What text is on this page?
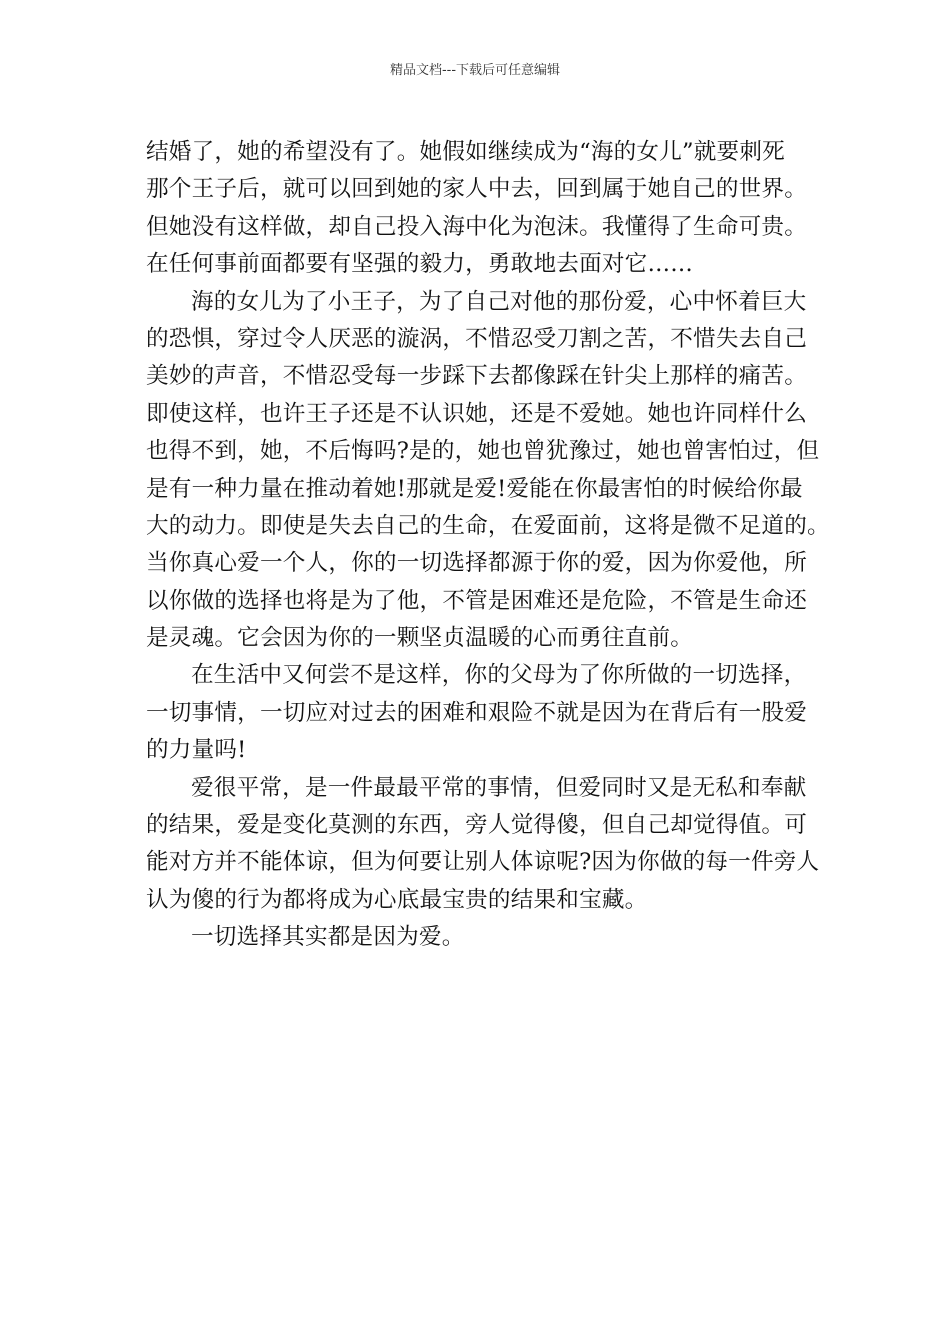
精品文档---下载后可任意编辑
结婚了，她的希望没有了。她假如继续成为“海的女儿”就要刺死
那个王子后，就可以回到她的家人中去，回到属于她自己的世界。
但她没有这样做，却自己投入海中化为泡沫。我懂得了生命可贵。
在任何事前面都要有坚强的毅力，勇敢地去面对它……
海的女儿为了小王子，为了自己对他的那份爱，心中怀着巨大
的恐惧，穿过令人厌恶的漩涡，不惜忍受刀割之苦，不惜失去自己
美妙的声音，不惜忍受每一步踩下去都像踩在针尖上那样的痛苦。
即使这样，也许王子还是不认识她，还是不爱她。她也许同样什么
也得不到，她，不后悔吗?是的，她也曾犹豫过，她也曾害怕过，但
是有一种力量在推动着她!那就是爱!爱能在你最害怕的时候给你最
大的动力。即使是失去自己的生命，在爱面前，这将是微不足道的。
当你真心爱一个人，你的一切选择都源于你的爱，因为你爱他，所
以你做的选择也将是为了他，不管是困难还是危险，不管是生命还
是灵魂。它会因为你的一颗坚贞温暖的心而勇往直前。
在生活中又何尝不是这样，你的父母为了你所做的一切选择，
一切事情，一切应对过去的困难和艰险不就是因为在背后有一股爱
的力量吗!
爱很平常，是一件最最平常的事情，但爱同时又是无私和奉献
的结果，爱是变化莫测的东西，旁人觉得傻，但自己却觉得值。可
能对方并不能体谅，但为何要让别人体谅呢?因为你做的每一件旁人
认为傻的行为都将成为心底最宝贵的结果和宝藏。
一切选择其实都是因为爱。
